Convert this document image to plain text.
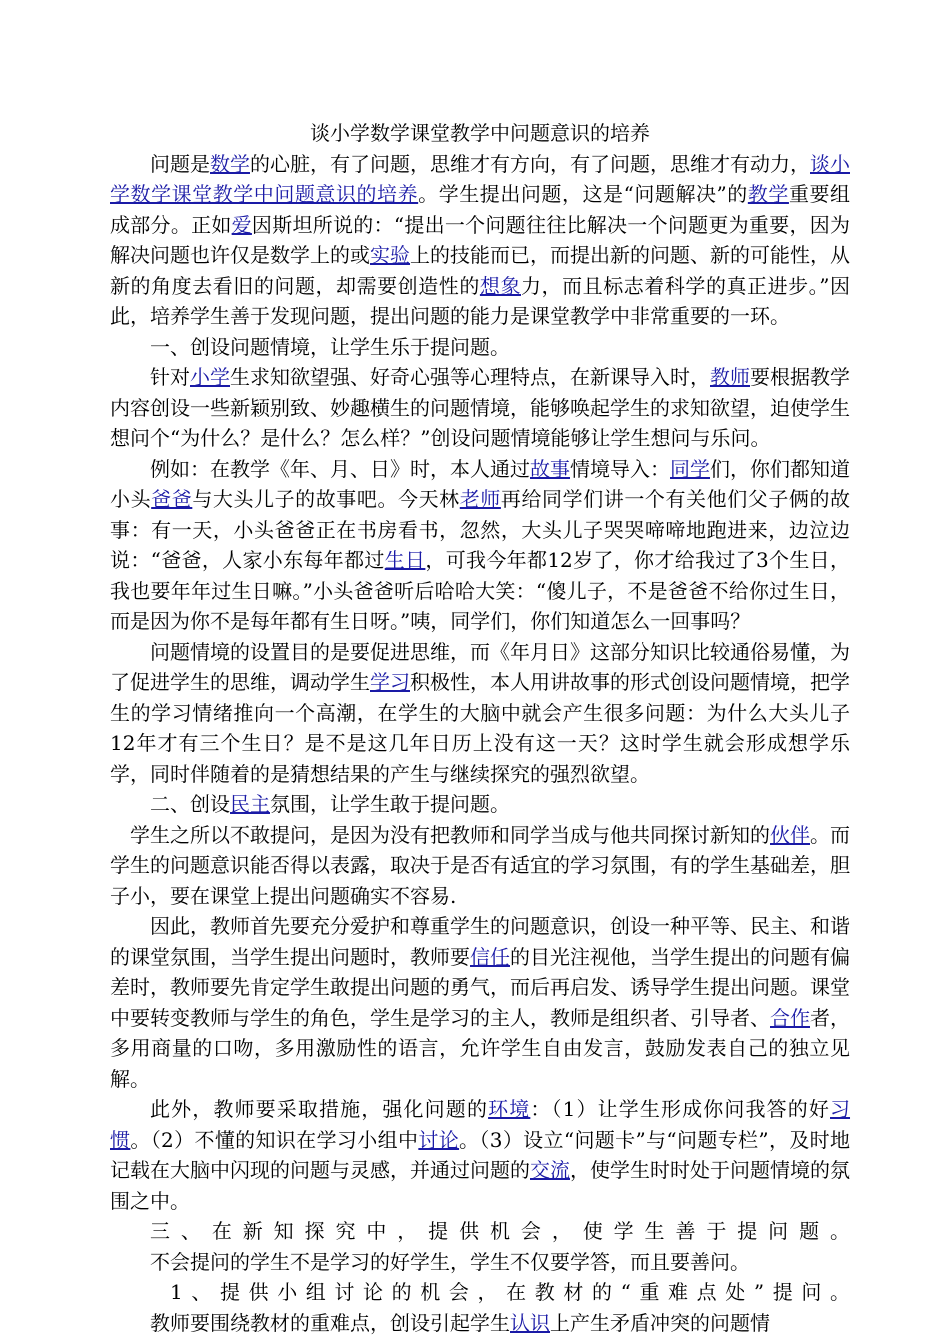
谈小学数学课堂教学中问题意识的培养

问题是数学的心脏，有了问题，思维才有方向，有了问题，思维才有动力，谈小学数学课堂教学中问题意识的培养。学生提出问题，这是“问题解决”的教学重要组成部分。正如爱因斯坦所说的：“提出一个问题往往比解决一个问题更为重要，因为解决问题也许仅是数学上的或实验上的技能而已，而提出新的问题、新的可能性，从新的角度去看旧的问题，却需要创造性的想象力，而且标志着科学的真正进步。”因此，培养学生善于发现问题，提出问题的能力是课堂教学中非常重要的一环。

一、创设问题情境，让学生乐于提问题。

针对小学生求知欲望强、好奇心强等心理特点，在新课导入时，教师要根据教学内容创设一些新颖别致、妙趣横生的问题情境，能够唤起学生的求知欲望，迫使学生想问个“为什么？是什么？怎么样？”创设问题情境能够让学生想问与乐问。

例如：在教学《年、月、日》时，本人通过故事情境导入：同学们，你们都知道小头爸爸与大头儿子的故事吧。今天林老师再给同学们讲一个有关他们父子俩的故事：有一天，小头爸爸正在书房看书，忽然，大头儿子哭哭啼啼地跑进来，边泣边说：“爸爸，人家小东每年都过生日，可我今年都12岁了，你才给我过了3个生日，我也要年年过生日嘛。”小头爸爸听后哈哈大笑：“傻儿子，不是爸爸不给你过生日，而是因为你不是每年都有生日呀。”咦，同学们，你们知道怎么一回事吗？

问题情境的设置目的是要促进思维，而《年月日》这部分知识比较通俗易懂，为了促进学生的思维，调动学生学习积极性，本人用讲故事的形式创设问题情境，把学生的学习情绪推向一个高潮，在学生的大脑中就会产生很多问题：为什么大头儿子12年才有三个生日？是不是这几年日历上没有这一天？这时学生就会形成想学乐学，同时伴随着的是猜想结果的产生与继续探究的强烈欲望。

二、创设民主氛围，让学生敢于提问题。

学生之所以不敢提问，是因为没有把教师和同学当成与他共同探讨新知的伙伴。而学生的问题意识能否得以表露，取决于是否有适宜的学习氛围，有的学生基础差，胆子小，要在课堂上提出问题确实不容易.

因此，教师首先要充分爱护和尊重学生的问题意识，创设一种平等、民主、和谐的课堂氛围，当学生提出问题时，教师要信任的目光注视他，当学生提出的问题有偏差时，教师要先肯定学生敢提出问题的勇气，而后再启发、诱导学生提出问题。课堂中要转变教师与学生的角色，学生是学习的主人，教师是组织者、引导者、合作者，多用商量的口吻，多用激励性的语言，允许学生自由发言，鼓励发表自己的独立见解。

此外，教师要采取措施，强化问题的环境：（1）让学生形成你问我答的好习惯。（2）不懂的知识在学习小组中讨论。（3）设立“问题卡”与“问题专栏”，及时地记载在大脑中闪现的问题与灵感，并通过问题的交流，使学生时时处于问题情境的氛围之中。

三、在新知探究中，提供机会，使学生善于提问题。

不会提问的学生不是学习的好学生，学生不仅要学答，而且要善问。

1、提供小组讨论的机会，在教材的“重难点处”提问。

教师要围绕教材的重难点，创设引起学生认识上产生矛盾冲突的问题情
